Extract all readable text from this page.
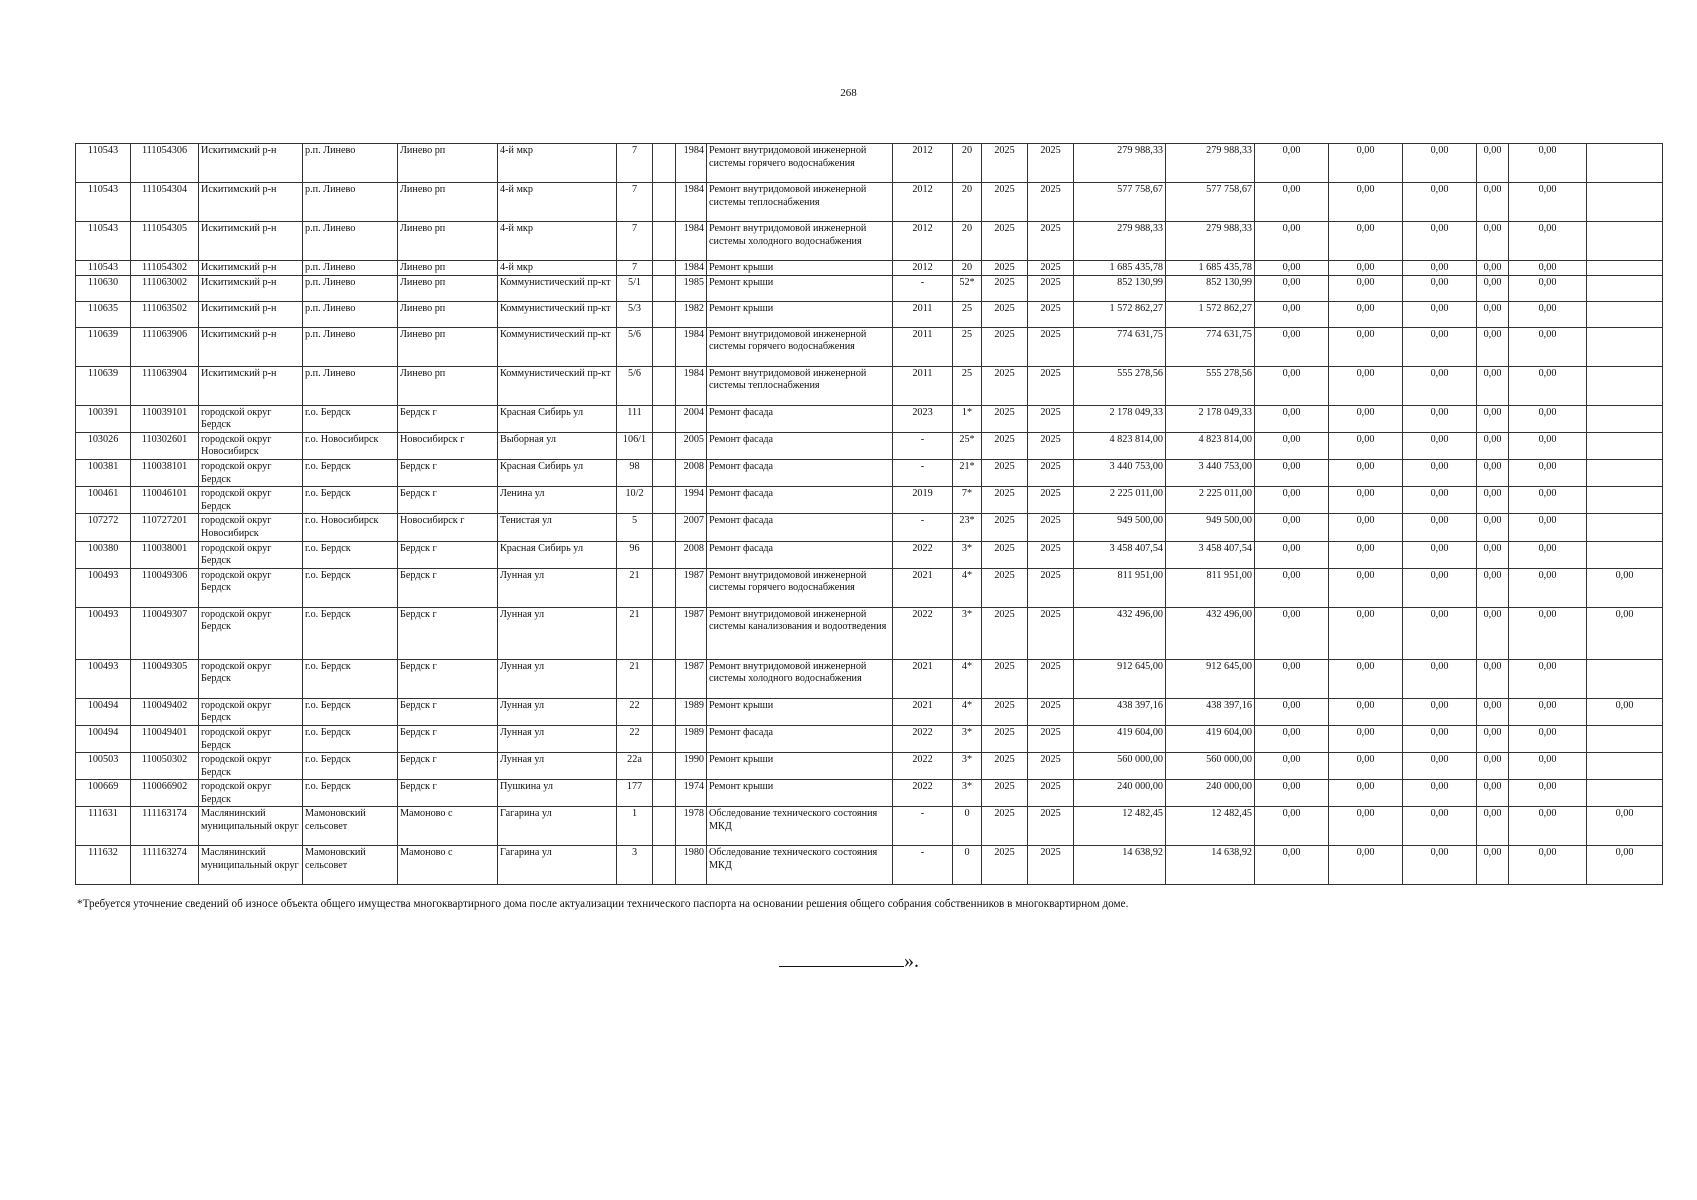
268
110543	111054306	Искитимский р-н	р.п. Линево	Линево рп	4-й мкр	7		1984	Ремонт внутридомовой инженерной системы горячего водоснабжения	2012	20	2025	2025	279 988,33	279 988,33	0,00	0,00	0,00	0,00	0,00	
110543	111054304	Искитимский р-н	р.п. Линево	Линево рп	4-й мкр	7		1984	Ремонт внутридомовой инженерной системы теплоснабжения	2012	20	2025	2025	577 758,67	577 758,67	0,00	0,00	0,00	0,00	0,00	
110543	111054305	Искитимский р-н	р.п. Линево	Линево рп	4-й мкр	7		1984	Ремонт внутридомовой инженерной системы холодного водоснабжения	2012	20	2025	2025	279 988,33	279 988,33	0,00	0,00	0,00	0,00	0,00	
110543	111054302	Искитимский р-н	р.п. Линево	Линево рп	4-й мкр	7		1984	Ремонт крыши	2012	20	2025	2025	1 685 435,78	1 685 435,78	0,00	0,00	0,00	0,00	0,00	
110630	111063002	Искитимский р-н	р.п. Линево	Линево рп	Коммунистический пр-кт	5/1		1985	Ремонт крыши	-	52*	2025	2025	852 130,99	852 130,99	0,00	0,00	0,00	0,00	0,00	
110635	111063502	Искитимский р-н	р.п. Линево	Линево рп	Коммунистический пр-кт	5/3		1982	Ремонт крыши	2011	25	2025	2025	1 572 862,27	1 572 862,27	0,00	0,00	0,00	0,00	0,00	
110639	111063906	Искитимский р-н	р.п. Линево	Линево рп	Коммунистический пр-кт	5/6		1984	Ремонт внутридомовой инженерной системы горячего водоснабжения	2011	25	2025	2025	774 631,75	774 631,75	0,00	0,00	0,00	0,00	0,00	
110639	111063904	Искитимский р-н	р.п. Линево	Линево рп	Коммунистический пр-кт	5/6		1984	Ремонт внутридомовой инженерной системы теплоснабжения	2011	25	2025	2025	555 278,56	555 278,56	0,00	0,00	0,00	0,00	0,00	
100391	110039101	городской округ Бердск	г.о. Бердск	Бердск г	Красная Сибирь ул	111		2004	Ремонт фасада	2023	1*	2025	2025	2 178 049,33	2 178 049,33	0,00	0,00	0,00	0,00	0,00	
103026	110302601	городской округ Новосибирск	г.о. Новосибирск	Новосибирск г	Выборная ул	106/1		2005	Ремонт фасада	-	25*	2025	2025	4 823 814,00	4 823 814,00	0,00	0,00	0,00	0,00	0,00	
100381	110038101	городской округ Бердск	г.о. Бердск	Бердск г	Красная Сибирь ул	98		2008	Ремонт фасада	-	21*	2025	2025	3 440 753,00	3 440 753,00	0,00	0,00	0,00	0,00	0,00	
100461	110046101	городской округ Бердск	г.о. Бердск	Бердск г	Ленина ул	10/2		1994	Ремонт фасада	2019	7*	2025	2025	2 225 011,00	2 225 011,00	0,00	0,00	0,00	0,00	0,00	
107272	110727201	городской округ Новосибирск	г.о. Новосибирск	Новосибирск г	Тенистая ул	5		2007	Ремонт фасада	-	23*	2025	2025	949 500,00	949 500,00	0,00	0,00	0,00	0,00	0,00	
100380	110038001	городской округ Бердск	г.о. Бердск	Бердск г	Красная Сибирь ул	96		2008	Ремонт фасада	2022	3*	2025	2025	3 458 407,54	3 458 407,54	0,00	0,00	0,00	0,00	0,00	
100493	110049306	городской округ Бердск	г.о. Бердск	Бердск г	Лунная ул	21		1987	Ремонт внутридомовой инженерной системы горячего водоснабжения	2021	4*	2025	2025	811 951,00	811 951,00	0,00	0,00	0,00	0,00	0,00	0,00
100493	110049307	городской округ Бердск	г.о. Бердск	Бердск г	Лунная ул	21		1987	Ремонт внутридомовой инженерной системы канализования и водоотведения	2022	3*	2025	2025	432 496,00	432 496,00	0,00	0,00	0,00	0,00	0,00	0,00
100493	110049305	городской округ Бердск	г.о. Бердск	Бердск г	Лунная ул	21		1987	Ремонт внутридомовой инженерной системы холодного водоснабжения	2021	4*	2025	2025	912 645,00	912 645,00	0,00	0,00	0,00	0,00	0,00	
100494	110049402	городской округ Бердск	г.о. Бердск	Бердск г	Лунная ул	22		1989	Ремонт крыши	2021	4*	2025	2025	438 397,16	438 397,16	0,00	0,00	0,00	0,00	0,00	0,00
100494	110049401	городской округ Бердск	г.о. Бердск	Бердск г	Лунная ул	22		1989	Ремонт фасада	2022	3*	2025	2025	419 604,00	419 604,00	0,00	0,00	0,00	0,00	0,00	
100503	110050302	городской округ Бердск	г.о. Бердск	Бердск г	Лунная ул	22а		1990	Ремонт крыши	2022	3*	2025	2025	560 000,00	560 000,00	0,00	0,00	0,00	0,00	0,00	
100669	110066902	городской округ Бердск	г.о. Бердск	Бердск г	Пушкина ул	177		1974	Ремонт крыши	2022	3*	2025	2025	240 000,00	240 000,00	0,00	0,00	0,00	0,00	0,00	
111631	111163174	Маслянинский муниципальный округ	Мамоновский сельсовет	Мамоново с	Гагарина ул	1		1978	Обследование технического состояния МКД	-	0	2025	2025	12 482,45	12 482,45	0,00	0,00	0,00	0,00	0,00	0,00
111632	111163274	Маслянинский муниципальный округ	Мамоновский сельсовет	Мамоново с	Гагарина ул	3		1980	Обследование технического состояния МКД	-	0	2025	2025	14 638,92	14 638,92	0,00	0,00	0,00	0,00	0,00	0,00
*Требуется уточнение сведений об износе объекта общего имущества многоквартирного дома после актуализации технического паспорта на основании решения общего собрания собственников в многоквартирном доме.
».
